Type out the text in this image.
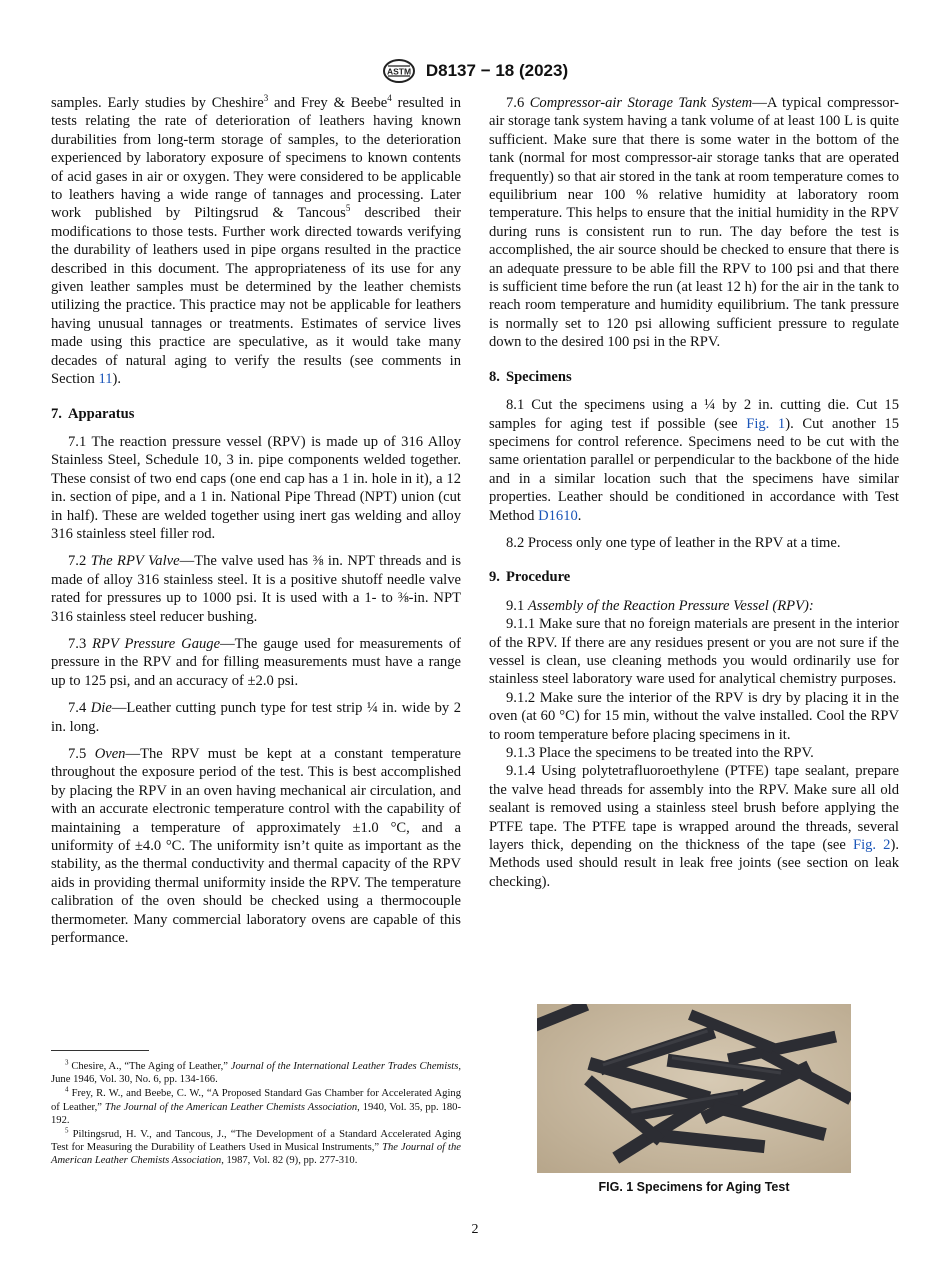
ASTM D8137 − 18 (2023)

samples. Early studies by Cheshire$^3$ and Frey & Beebe$^4$ resulted in tests relating the rate of deterioration of leathers having known durabilities from long-term storage of samples, to the deterioration experienced by laboratory exposure of specimens to known contents of acid gases in air or oxygen. They were considered to be applicable to leathers having a wide range of tannages and processing. Later work published by Piltingsrud & Tancous$^5$ described their modifications to those tests. Further work directed towards verifying the durability of leathers used in pipe organs resulted in the practice described in this document. The appropriateness of its use for any given leather samples must be determined by the leather chemists utilizing the practice. This practice may not be applicable for leathers having unusual tannages or treatments. Estimates of service lives made using this practice are speculative, as it would take many decades of natural aging to verify the results (see comments in Section 11).

7. Apparatus

7.1 The reaction pressure vessel (RPV) is made up of 316 Alloy Stainless Steel, Schedule 10, 3 in. pipe components welded together. These consist of two end caps (one end cap has a 1 in. hole in it), a 12 in. section of pipe, and a 1 in. National Pipe Thread (NPT) union (cut in half). These are welded together using inert gas welding and alloy 316 stainless steel filler rod.

7.2 The RPV Valve—The valve used has ⅜ in. NPT threads and is made of alloy 316 stainless steel. It is a positive shutoff needle valve rated for pressures up to 1000 psi. It is used with a 1- to ⅜-in. NPT 316 stainless steel reducer bushing.

7.3 RPV Pressure Gauge—The gauge used for measurements of pressure in the RPV and for filling measurements must have a range up to 125 psi, and an accuracy of ±2.0 psi.

7.4 Die—Leather cutting punch type for test strip ¼ in. wide by 2 in. long.

7.5 Oven—The RPV must be kept at a constant temperature throughout the exposure period of the test. This is best accomplished by placing the RPV in an oven having mechanical air circulation, and with an accurate electronic temperature control with the capability of maintaining a temperature of approximately ±1.0 °C, and a uniformity of ±4.0 °C. The uniformity isn’t quite as important as the stability, as the thermal conductivity and thermal capacity of the RPV aids in providing thermal uniformity inside the RPV. The temperature calibration of the oven should be checked using a thermocouple thermometer. Many commercial laboratory ovens are capable of this performance.

$^3$ Chesire, A., “The Aging of Leather,” Journal of the International Leather Trades Chemists, June 1946, Vol. 30, No. 6, pp. 134-166.

$^4$ Frey, R. W., and Beebe, C. W., “A Proposed Standard Gas Chamber for Accelerated Aging of Leather,” The Journal of the American Leather Chemists Association, 1940, Vol. 35, pp. 180-192.

$^5$ Piltingsrud, H. V., and Tancous, J., “The Development of a Standard Accelerated Aging Test for Measuring the Durability of Leathers Used in Musical Instruments,” The Journal of the American Leather Chemists Association, 1987, Vol. 82 (9), pp. 277-310.

7.6 Compressor-air Storage Tank System—A typical compressor-air storage tank system having a tank volume of at least 100 L is quite sufficient. Make sure that there is some water in the bottom of the tank (normal for most compressor-air storage tanks that are operated frequently) so that air stored in the tank at room temperature comes to equilibrium near 100 % relative humidity at laboratory room temperature. This helps to ensure that the initial humidity in the RPV during runs is consistent run to run. The day before the test is accomplished, the air source should be checked to ensure that there is an adequate pressure to be able fill the RPV to 100 psi and that there is sufficient time before the run (at least 12 h) for the air in the tank to reach room temperature and humidity equilibrium. The tank pressure is normally set to 120 psi allowing sufficient pressure to regulate down to the desired 100 psi in the RPV.

8. Specimens

8.1 Cut the specimens using a ¼ by 2 in. cutting die. Cut 15 samples for aging test if possible (see Fig. 1). Cut another 15 specimens for control reference. Specimens need to be cut with the same orientation parallel or perpendicular to the backbone of the hide and in a similar location such that the specimens have similar properties. Leather should be conditioned in accordance with Test Method D1610.

8.2 Process only one type of leather in the RPV at a time.

9. Procedure

9.1 Assembly of the Reaction Pressure Vessel (RPV):

9.1.1 Make sure that no foreign materials are present in the interior of the RPV. If there are any residues present or you are not sure if the vessel is clean, use cleaning methods you would ordinarily use for stainless steel laboratory ware used for analytical chemistry purposes.

9.1.2 Make sure the interior of the RPV is dry by placing it in the oven (at 60 °C) for 15 min, without the valve installed. Cool the RPV to room temperature before placing specimens in it.

9.1.3 Place the specimens to be treated into the RPV.

9.1.4 Using polytetrafluoroethylene (PTFE) tape sealant, prepare the valve head threads for assembly into the RPV. Make sure all old sealant is removed using a stainless steel brush before applying the PTFE tape. The PTFE tape is wrapped around the threads, several layers thick, depending on the thickness of the tape (see Fig. 2). Methods used should result in leak free joints (see section on leak checking).

FIG. 1 Specimens for Aging Test
2
